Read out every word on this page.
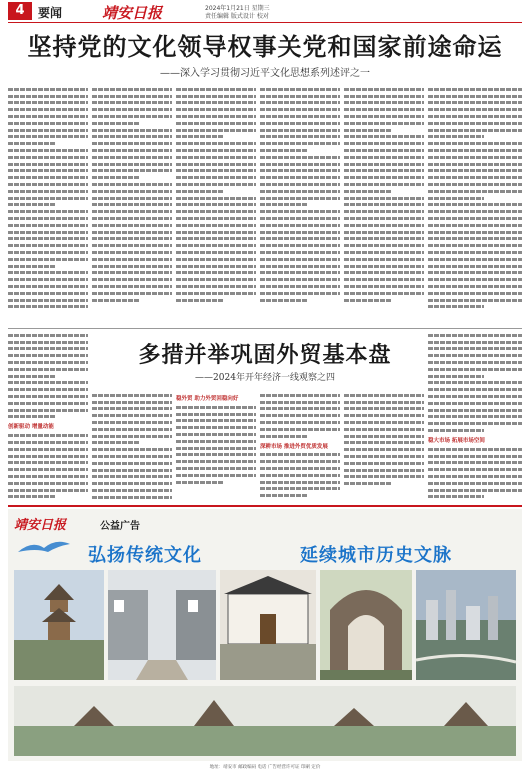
4	要闻	靖安日报	2024年1月21日 星期三
责任编辑 版式设计 校对
坚持党的文化领导权事关党和国家前途命运
——深入学习贯彻习近平文化思想系列述评之一
多措并举巩固外贸基本盘
——2024年开年经济一线观察之四
创新驱动 增量动能
稳外贸 助力外贸回稳向好
深耕市场 推进外贸优质发展
稳大市场 拓展市场空间
靖安日报	公益广告
弘扬传统文化	延续城市历史文脉
地址：靖安市 邮政编码 电话 广告经营许可证 印刷 定价
